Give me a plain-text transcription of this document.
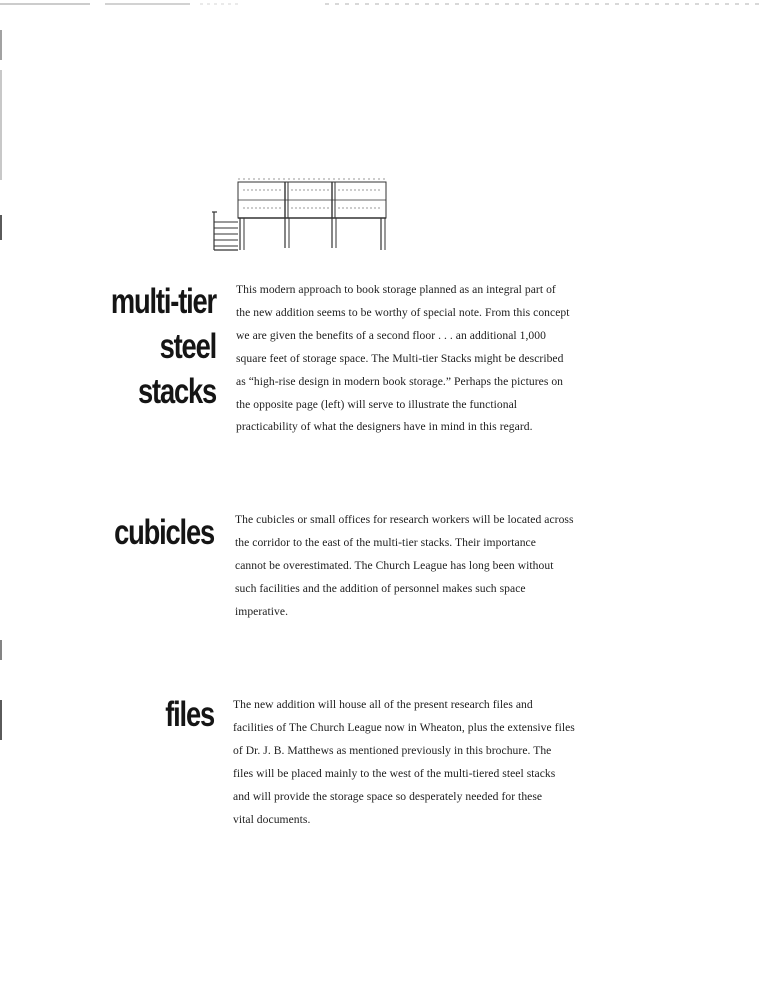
multi-tier
steel
stacks
This modern approach to book storage planned as an integral part of
the new addition seems to be worthy of special note. From this concept
we are given the benefits of a second floor . . . an additional 1,000
square feet of storage space. The Multi-tier Stacks might be described
as “high-rise design in modern book storage.” Perhaps the pictures on
the opposite page (left) will serve to illustrate the functional
practicability of what the designers have in mind in this regard.
cubicles The cubicles or small offices for research workers will be located across
the corridor to the east of the multi-tier stacks. Their importance
cannot be overestimated. The Church League has long been without
such facilities and the addition of personnel makes such space
imperative.
files The new addition will house all of the present research files and
facilities of The Church League now in Wheaton, plus the extensive files
of Dr. J. B. Matthews as mentioned previously in this brochure. The
files will be placed mainly to the west of the multi-tiered steel stacks
and will provide the storage space so desperately needed for these
vital documents.
